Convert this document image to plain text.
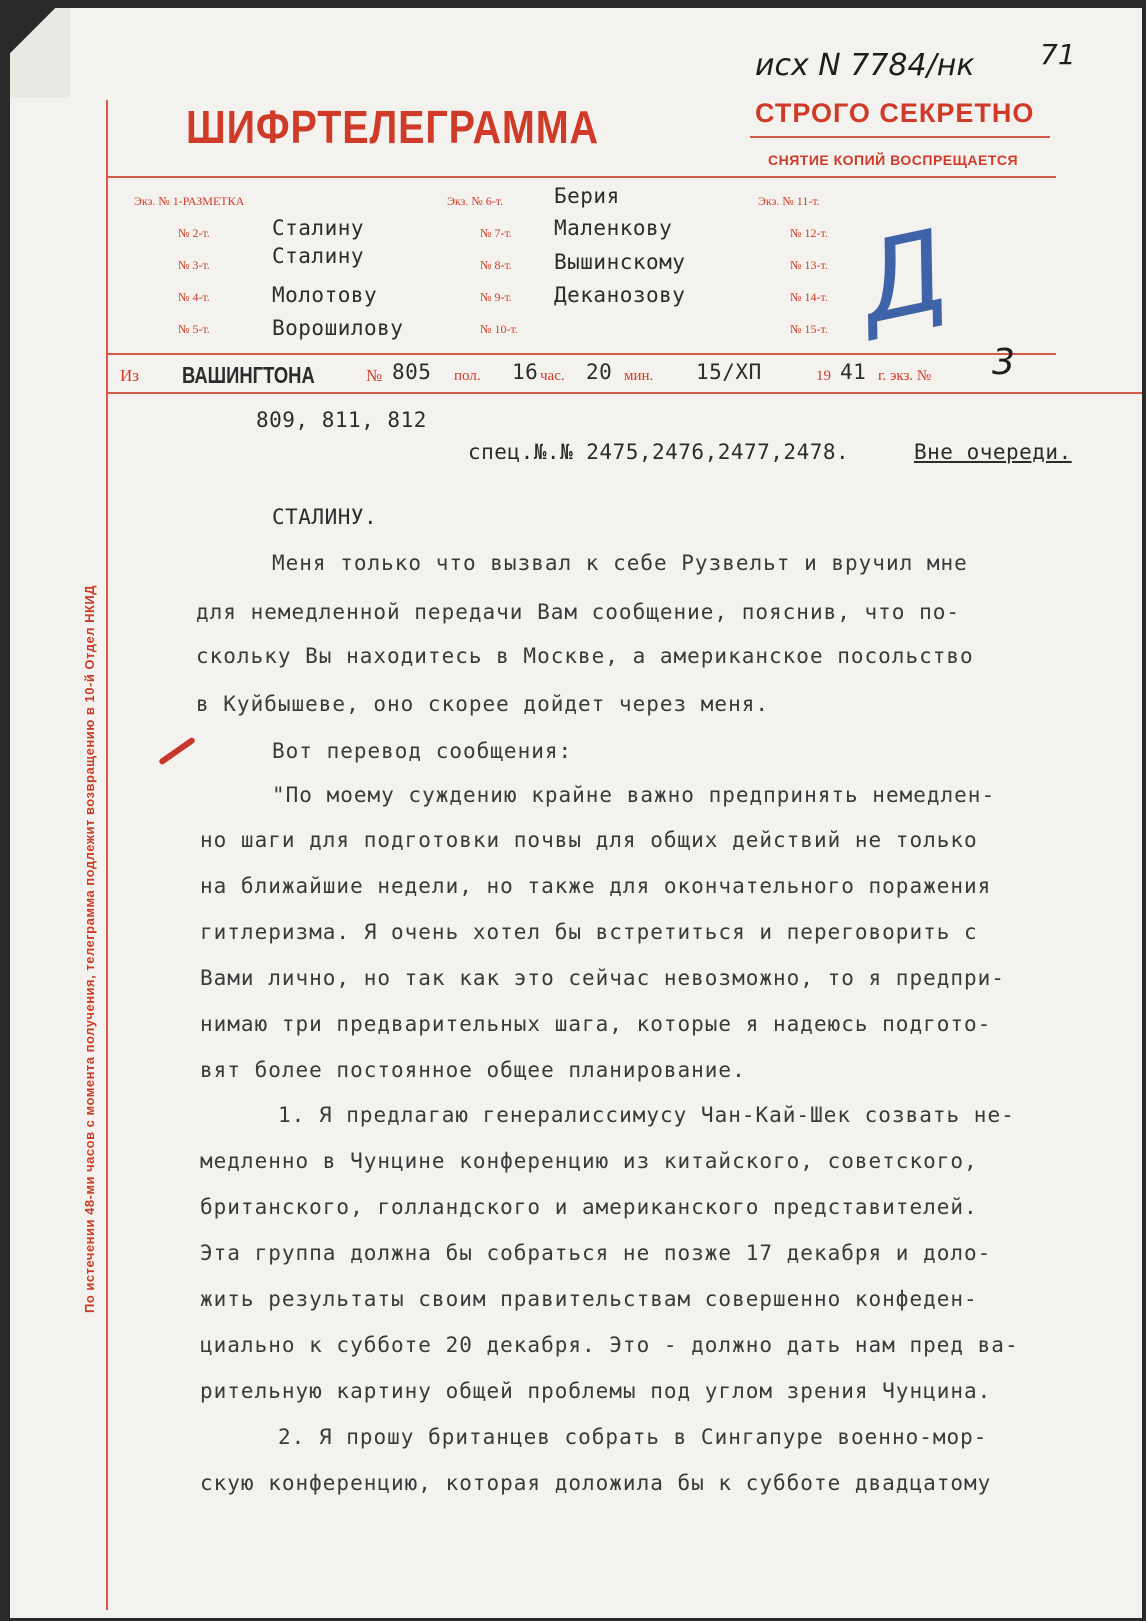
ШИФРТЕЛЕГРАММА	СТРОГО СЕКРЕТНО
СНЯТИЕ КОПИЙ ВОСПРЕЩАЕТСЯ
исх N 7784/нк 71
Экз. № 1-РАЗМЕТКА
№ 2-т.	Сталину
№ 3-т.	Сталину
№ 4-т.	Молотову
№ 5-т.	Ворошилову
Экз. № 6-т. Берия
№ 7-т. Маленкову
№ 8-т. Вышинскому
№ 9-т. Деканозову
№ 10-т.
Экз. № 11-т.
№ 12-т.
№ 13-т.
№ 14-т.
№ 15-т. Д
Из ВАШИНГТОНА	№ 805 пол. 16 час. 20 мин. 15/ХП	19 41 г. экз. № 3
По истечении 48-ми часов с момента получения, телеграмма подлежит возвращению в 10-й Отдел НКИД
809, 811, 812
спец.№.№ 2475,2476,2477,2478.	Вне очереди.
СТАЛИНУ.
Меня только что вызвал к себе Рузвельт и вручил мне
для немедленной передачи Вам сообщение, пояснив, что по-
скольку Вы находитесь в Москве, а американское посольство
в Куйбышеве, оно скорее дойдет через меня.
Вот перевод сообщения:
"По моему суждению крайне важно предпринять немедлен-
но шаги для подготовки почвы для общих действий не только
на ближайшие недели, но также для окончательного поражения
гитлеризма. Я очень хотел бы встретиться и переговорить с
Вами лично, но так как это сейчас невозможно, то я предпри-
нимаю три предварительных шага, которые я надеюсь подгото-
вят более постоянное общее планирование.
1. Я предлагаю генералиссимусу Чан-Кай-Шек созвать не-
медленно в Чунцине конференцию из китайского, советского,
британского, голландского и американского представителей.
Эта группа должна бы собраться не позже 17 декабря и доло-
жить результаты своим правительствам совершенно конфеден-
циально к субботе 20 декабря. Это - должно дать нам пред ва-
рительную картину общей проблемы под углом зрения Чунцина.
2. Я прошу британцев собрать в Сингапуре военно-мор-
скую конференцию, которая доложила бы к субботе двадцатому
